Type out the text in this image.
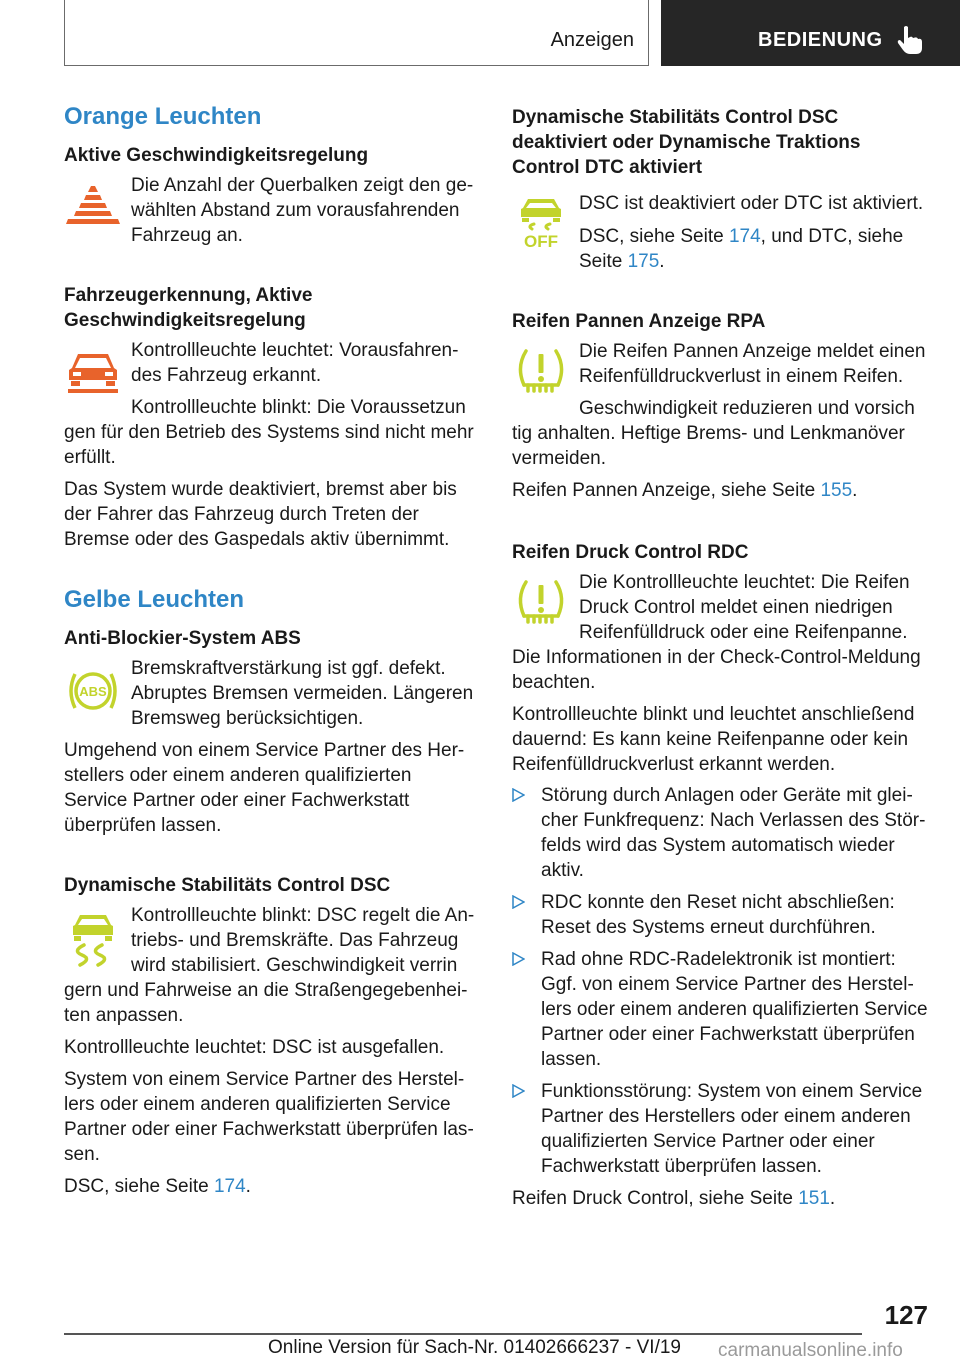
Anzeigen	BEDIENUNG
Orange Leuchten
Aktive Geschwindigkeitsregelung

Die Anzahl der Querbalken zeigt den gewählten Abstand zum vorausfahrenden Fahrzeug an.

Fahrzeugerkennung, Aktive Geschwindigkeitsregelung

Kontrollleuchte leuchtet: Vorausfahrendes Fahrzeug erkannt.

Kontrollleuchte blinkt: Die Voraussetzun

gen für den Betrieb des Systems sind nicht mehr erfüllt.

Das System wurde deaktiviert, bremst aber bis der Fahrer das Fahrzeug durch Treten der Bremse oder des Gaspedals aktiv übernimmt.

Gelbe Leuchten
Anti-Blockier-System ABS
ABS

Bremskraftverstärkung ist ggf. defekt. Abruptes Bremsen vermeiden. Längeren Bremsweg berücksichtigen.

Umgehend von einem Service Partner des Herstellers oder einem anderen qualifizierten Service Partner oder einer Fachwerkstatt überprüfen lassen.

Dynamische Stabilitäts Control DSC

Kontrollleuchte blinkt: DSC regelt die Antriebs- und Bremskräfte. Das Fahrzeug wird stabilisiert. Geschwindigkeit verrin

gern und Fahrweise an die Straßengegebenheiten anpassen.

Kontrollleuchte leuchtet: DSC ist ausgefallen.

System von einem Service Partner des Herstellers oder einem anderen qualifizierten Service Partner oder einer Fachwerkstatt überprüfen lassen.

DSC, siehe Seite 174.

Dynamische Stabilitäts Control DSC deaktiviert oder Dynamische Traktions Control DTC aktiviert
OFF

DSC ist deaktiviert oder DTC ist aktiviert.

DSC, siehe Seite 174, und DTC, siehe Seite 175.

Reifen Pannen Anzeige RPA

Die Reifen Pannen Anzeige meldet einen Reifenfülldruckverlust in einem Reifen.

Geschwindigkeit reduzieren und vorsich

tig anhalten. Heftige Brems- und Lenkmanöver vermeiden.

Reifen Pannen Anzeige, siehe Seite 155.

Reifen Druck Control RDC

Die Kontrollleuchte leuchtet: Die Reifen Druck Control meldet einen niedrigen Reifenfülldruck oder eine Reifenpanne.

Die Informationen in der Check-Control-Meldung beachten.

Kontrollleuchte blinkt und leuchtet anschließend dauernd: Es kann keine Reifenpanne oder kein Reifenfülldruckverlust erkannt werden.

Störung durch Anlagen oder Geräte mit gleicher Funkfrequenz: Nach Verlassen des Störfelds wird das System automatisch wieder aktiv.
RDC konnte den Reset nicht abschließen: Reset des Systems erneut durchführen.
Rad ohne RDC-Radelektronik ist montiert: Ggf. von einem Service Partner des Herstellers oder einem anderen qualifizierten Service Partner oder einer Fachwerkstatt überprüfen lassen.
Funktionsstörung: System von einem Service Partner des Herstellers oder einem anderen qualifizierten Service Partner oder einer Fachwerkstatt überprüfen lassen.

Reifen Druck Control, siehe Seite 151.

127
Online Version für Sach-Nr. 01402666237 - VI/19 carmanualsonline.info
